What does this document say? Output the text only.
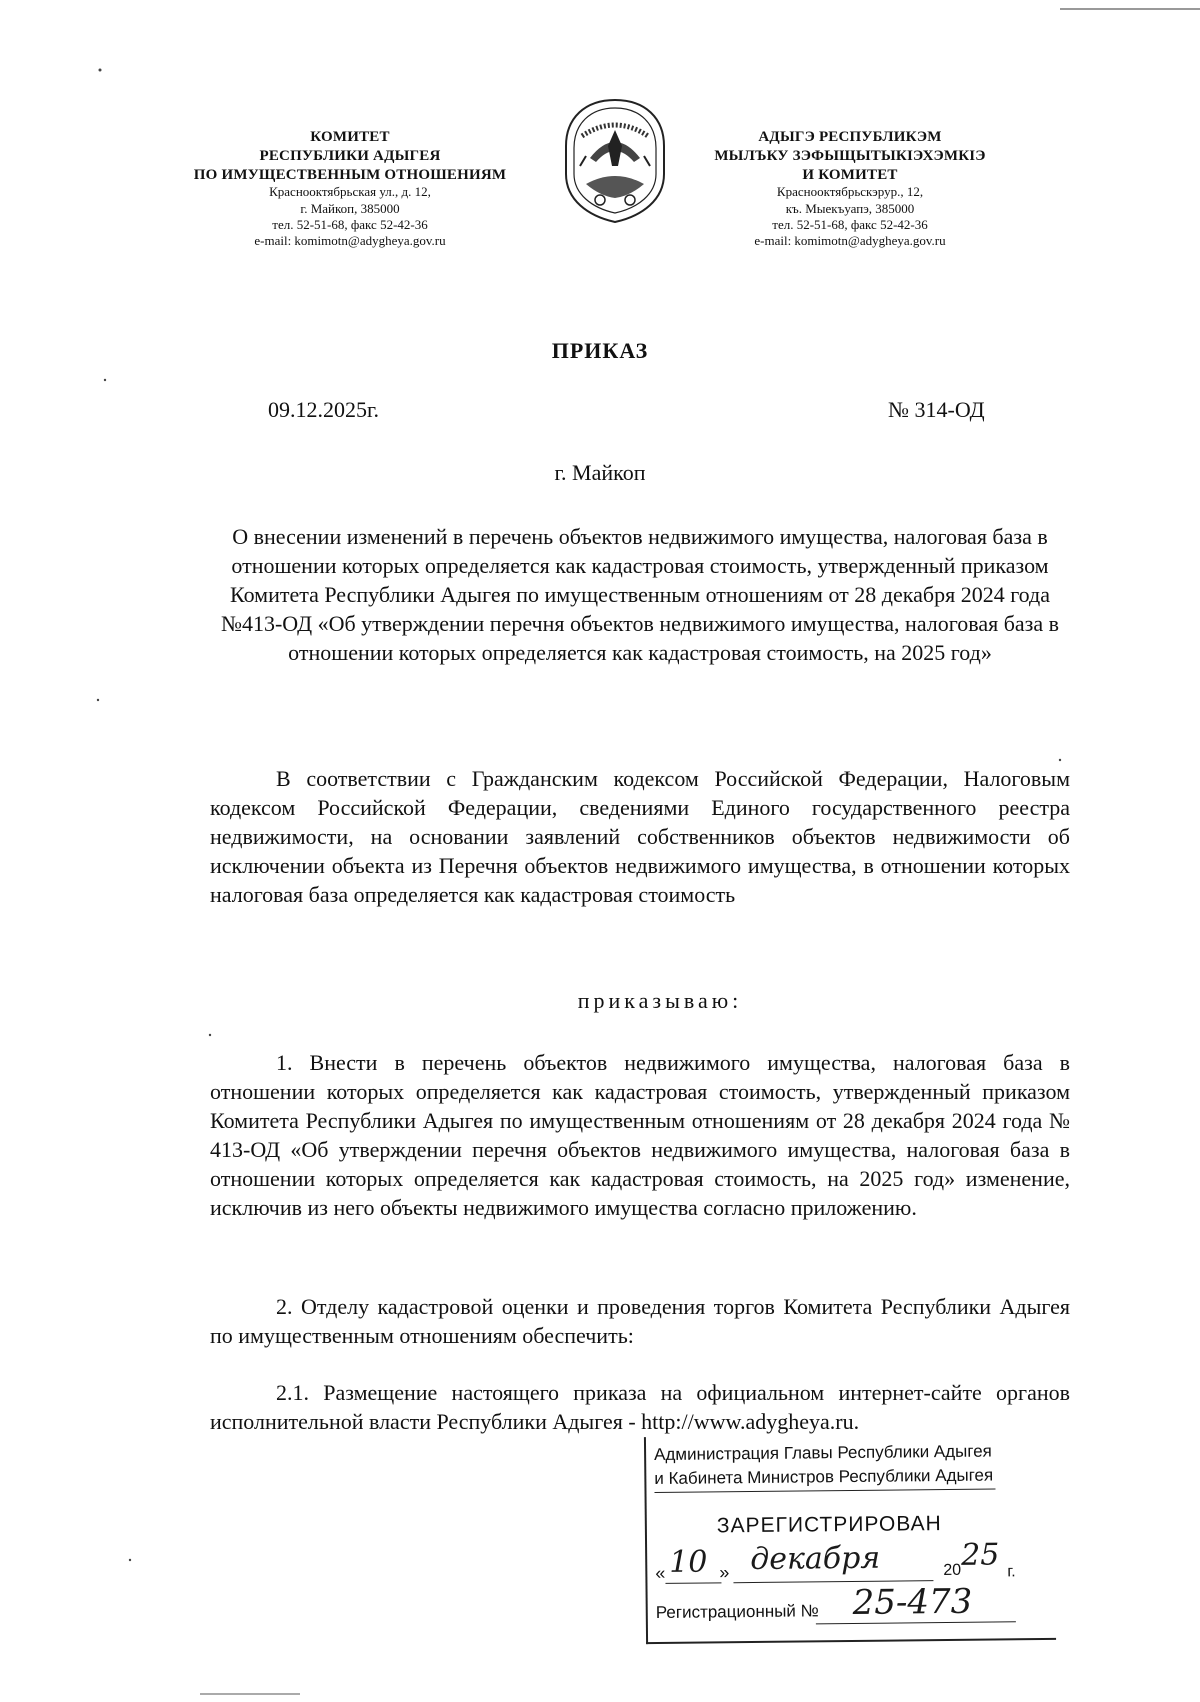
КОМИТЕТ
РЕСПУБЛИКИ АДЫГЕЯ
ПО ИМУЩЕСТВЕННЫМ ОТНОШЕНИЯМ
Краснооктябрьская ул., д. 12,
г. Майкоп, 385000
тел. 52-51-68, факс 52-42-36
e-mail: komimotn@adygheya.gov.ru
АДЫГЭ РЕСПУБЛИКЭМ
МЫЛЪКУ ЗЭФЫЩЫТЫКIЭХЭМКIЭ
И КОМИТЕТ
Краснооктябрьскэрур., 12,
къ. Мыекъуапэ, 385000
тел. 52-51-68, факс 52-42-36
e-mail: komimotn@adygheya.gov.ru
ПРИКАЗ
09.12.2025г.	№ 314-ОД
г. Майкоп
О внесении изменений в перечень объектов недвижимого имущества, налоговая база в отношении которых определяется как кадастровая стоимость, утвержденный приказом Комитета Республики Адыгея по имущественным отношениям от 28 декабря 2024 года №413-ОД «Об утверждении перечня объектов недвижимого имущества, налоговая база в отношении которых определяется как кадастровая стоимость, на 2025 год»

В соответствии с Гражданским кодексом Российской Федерации, Налоговым кодексом Российской Федерации, сведениями Единого государственного реестра недвижимости, на основании заявлений собственников объектов недвижимости об исключении объекта из Перечня объектов недвижимого имущества, в отношении которых налоговая база определяется как кадастровая стоимость

приказываю:

1. Внести в перечень объектов недвижимого имущества, налоговая база в отношении которых определяется как кадастровая стоимость, утвержденный приказом Комитета Республики Адыгея по имущественным отношениям от 28 декабря 2024 года № 413-ОД «Об утверждении перечня объектов недвижимого имущества, налоговая база в отношении которых определяется как кадастровая стоимость, на 2025 год» изменение, исключив из него объекты недвижимого имущества согласно приложению.

2. Отделу кадастровой оценки и проведения торгов Комитета Республики Адыгея по имущественным отношениям обеспечить:

2.1. Размещение настоящего приказа на официальном интернет-сайте органов исполнительной власти Республики Адыгея - http://www.adygheya.ru.

Администрация Главы Республики Адыгея
и Кабинета Министров Республики Адыгея
ЗАРЕГИСТРИРОВАН
« 10 » декабря	20 25 г.
Регистрационный № 25-473
